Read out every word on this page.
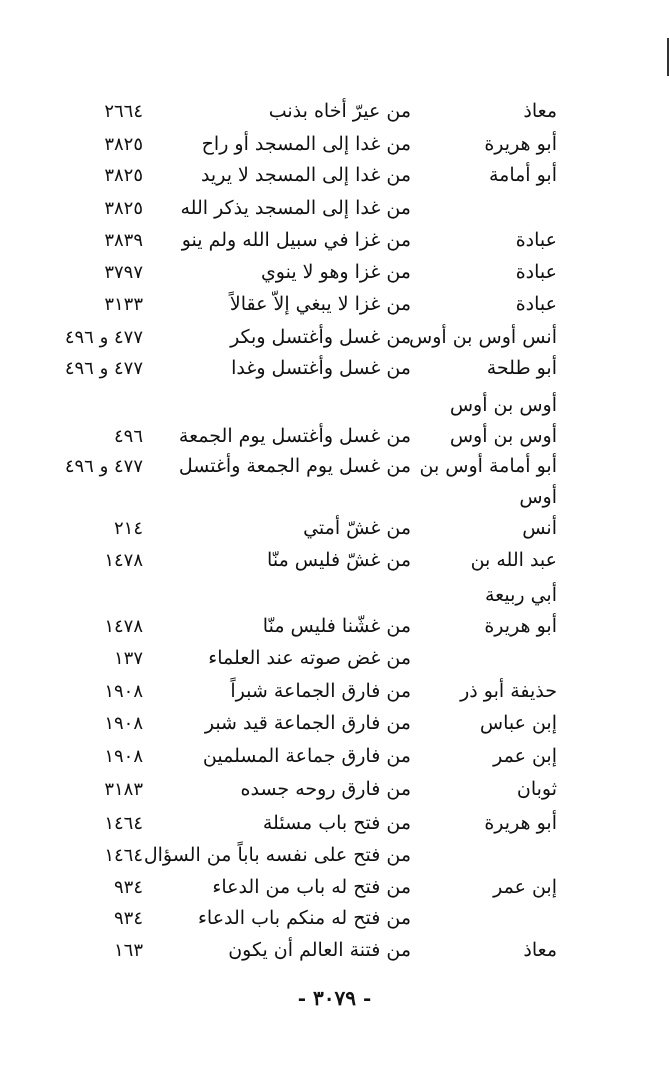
معاذ
من عيرّ أخاه بذنب
٢٦٦٤
أبو هريرة
من غدا إلى المسجد أو راح
٣٨٢٥
أبو أمامة
من غدا إلى المسجد لا يريد
٣٨٢٥
من غدا إلى المسجد يذكر الله
٣٨٢٥
عبادة
من غزا في سبيل الله ولم ينو
٣٨٣٩
عبادة
من غزا وهو لا ينوي
٣٧٩٧
عبادة
من غزا لا يبغي إلاّ عقالاً
٣١٣٣
أنس أوس بن أوس
من غسل وأغتسل وبكر
٤٧٧ و ٤٩٦
أبو طلحة
من غسل وأغتسل وغدا
٤٧٧ و ٤٩٦
أوس بن أوس
أوس بن أوس
من غسل وأغتسل يوم الجمعة
٤٩٦
أبو أمامة أوس بن
من غسل يوم الجمعة وأغتسل
٤٧٧ و ٤٩٦
أوس
أنس
من غشّ أمتي
٢١٤
عبد الله بن
من غشّ فليس منّا
١٤٧٨
أبي ربيعة
أبو هريرة
من غشّنا فليس منّا
١٤٧٨
من غض صوته عند العلماء
١٣٧
حذيفة أبو ذر
من فارق الجماعة شبراً
١٩٠٨
إبن عباس
من فارق الجماعة قيد شبر
١٩٠٨
إبن عمر
من فارق جماعة المسلمين
١٩٠٨
ثوبان
من فارق روحه جسده
٣١٨٣
أبو هريرة
من فتح باب مسئلة
١٤٦٤
من فتح على نفسه باباً من السؤال
١٤٦٤
إبن عمر
من فتح له باب من الدعاء
٩٣٤
من فتح له منكم باب الدعاء
٩٣٤
معاذ
من فتنة العالم أن يكون
١٦٣
- ٣٠٧٩ -
